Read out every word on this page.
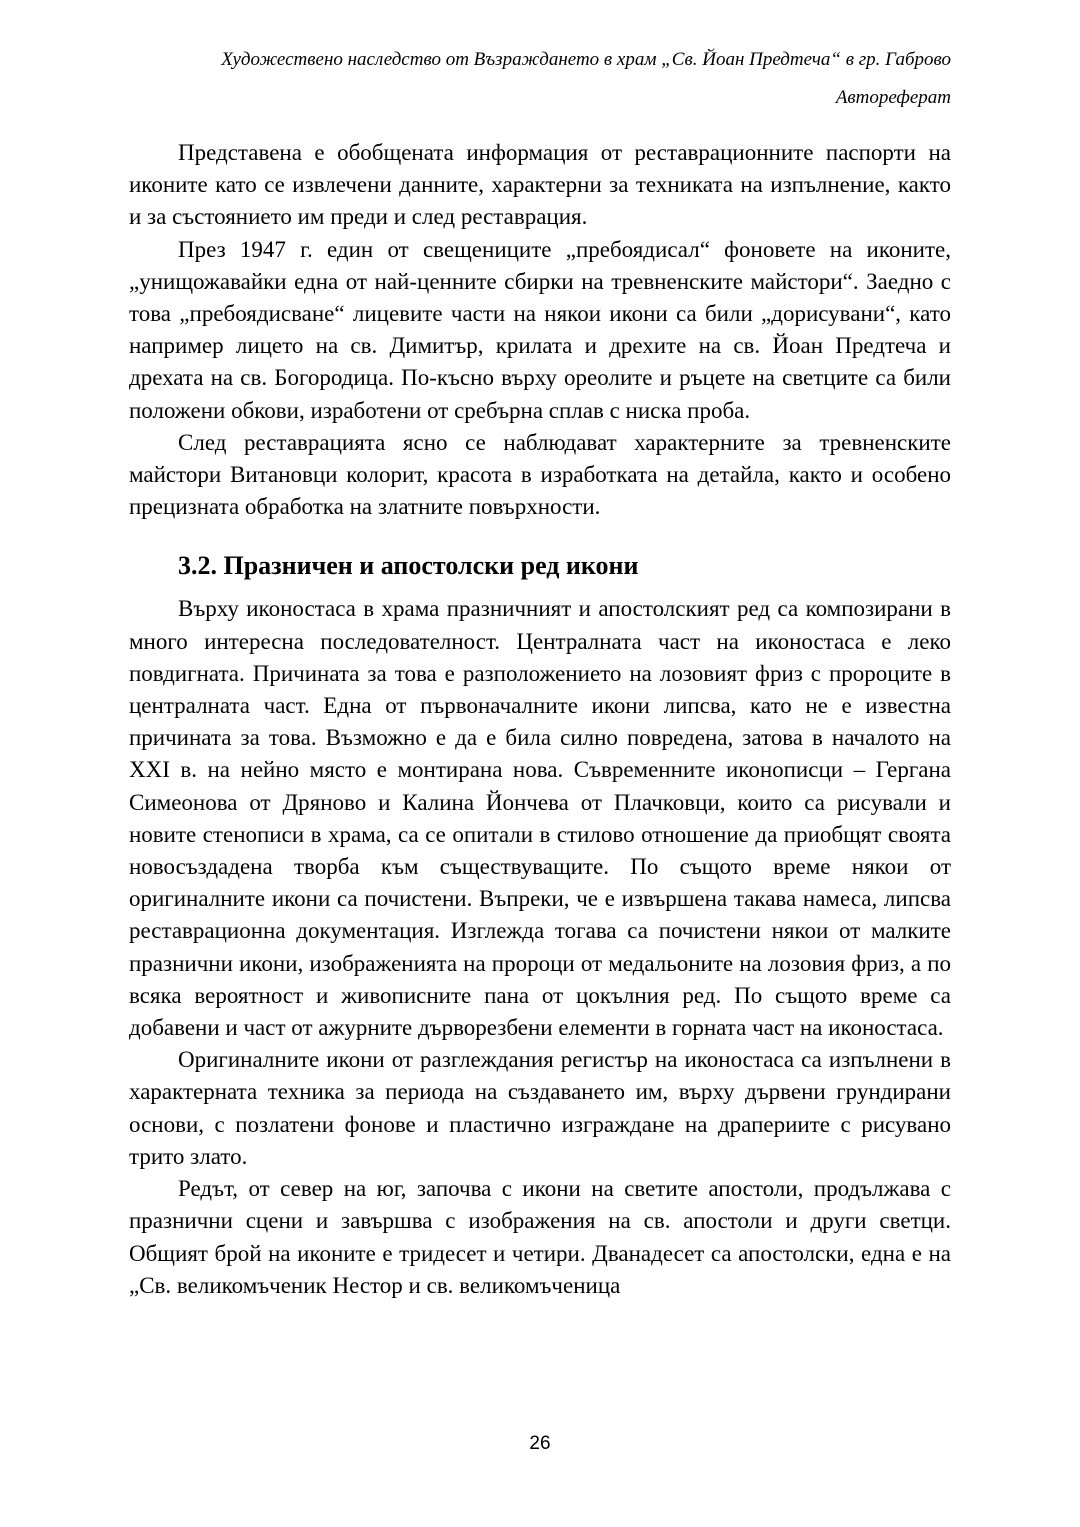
Художествено наследство от Възраждането в храм „Св. Йоан Предтеча“ в гр. Габрово
Автореферат

Представена е обобщената информация от реставрационните паспорти на иконите като се извлечени данните, характерни за техниката на изпълнение, както и за състоянието им преди и след реставрация.

През 1947 г. един от свещениците „пребоядисал“ фоновете на иконите, „унищожавайки една от най-ценните сбирки на тревненските майстори“. Заедно с това „пребоядисване“ лицевите части на някои икони са били „дорисувани“, като например лицето на св. Димитър, крилата и дрехите на св. Йоан Предтеча и дрехата на св. Богородица. По-късно върху ореолите и ръцете на светците са били положени обкови, изработени от сребърна сплав с ниска проба.

След реставрацията ясно се наблюдават характерните за тревненските майстори Витановци колорит, красота в изработката на детайла, както и особено прецизната обработка на златните повърхности.

3.2. Празничен и апостолски ред икони

Върху иконостаса в храма празничният и апостолският ред са композирани в много интересна последователност. Централната част на иконостаса е леко повдигната. Причината за това е разположението на лозовият фриз с пророците в централната част. Една от първоначалните икони липсва, като не е известна причината за това. Възможно е да е била силно повредена, затова в началото на XXI в. на нейно място е монтирана нова. Съвременните иконописци – Гергана Симеонова от Дряново и Калина Йончева от Плачковци, които са рисували и новите стенописи в храма, са се опитали в стилово отношение да приобщят своята новосъздадена творба към съществуващите. По същото време някои от оригиналните икони са почистени. Въпреки, че е извършена такава намеса, липсва реставрационна документация. Изглежда тогава са почистени някои от малките празнични икони, изображенията на пророци от медальоните на лозовия фриз, а по всяка вероятност и живописните пана от цокълния ред. По същото време са добавени и част от ажурните дърворезбени елементи в горната част на иконостаса.

Оригиналните икони от разглеждания регистър на иконостаса са изпълнени в характерната техника за периода на създаването им, върху дървени грундирани основи, с позлатени фонове и пластично изграждане на драпериите с рисувано трито злато.

Редът, от север на юг, започва с икони на светите апостоли, продължава с празнични сцени и завършва с изображения на св. апостоли и други светци. Общият брой на иконите е тридесет и четири. Дванадесет са апостолски, една е на „Св. великомъченик Нестор и св. великомъченица

26
